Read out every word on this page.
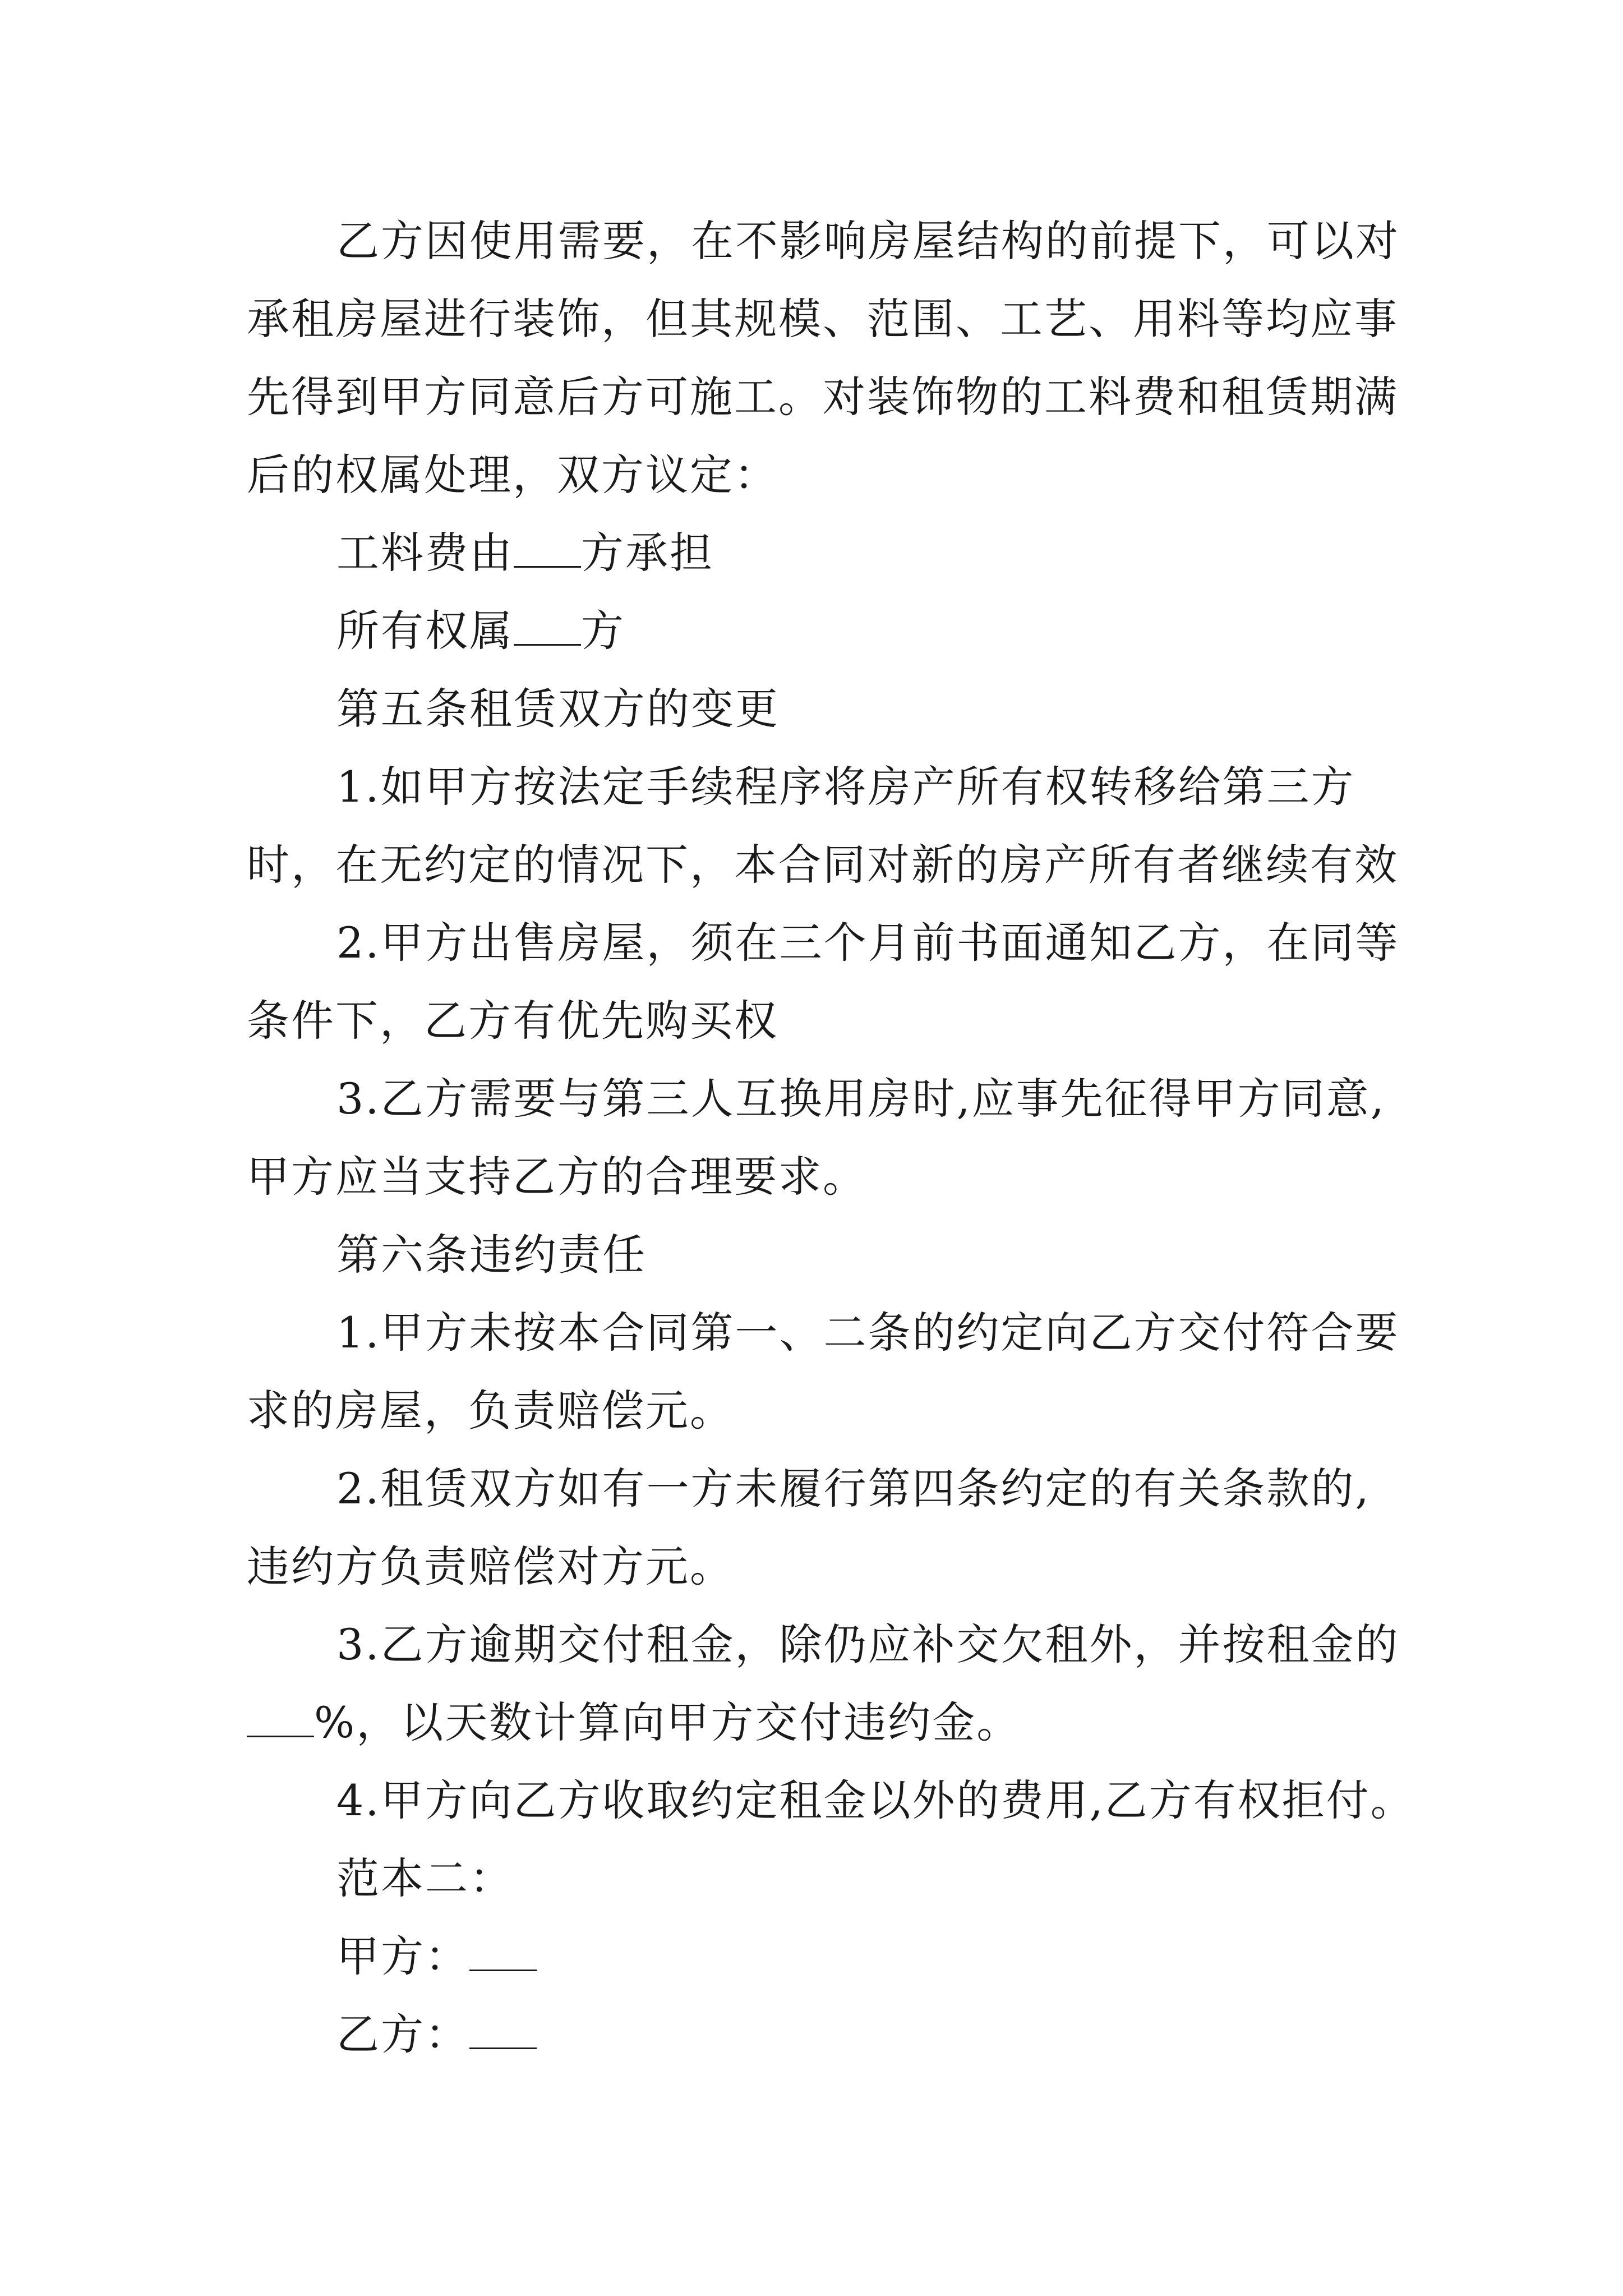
乙方因使用需要，在不影响房屋结构的前提下，可以对
承租房屋进行装饰，但其规模、范围、工艺、用料等均应事
先得到甲方同意后方可施工。对装饰物的工料费和租赁期满
后的权属处理，双方议定：
工料费由 方承担
所有权属 方
第五条租赁双方的变更
1.如甲方按法定手续程序将房产所有权转移给第三方
时，在无约定的情况下，本合同对新的房产所有者继续有效
2.甲方出售房屋，须在三个月前书面通知乙方，在同等
条件下，乙方有优先购买权
3.乙方需要与第三人互换用房时,应事先征得甲方同意,
甲方应当支持乙方的合理要求。
第六条违约责任
1.甲方未按本合同第一、二条的约定向乙方交付符合要
求的房屋，负责赔偿元。
2.租赁双方如有一方未履行第四条约定的有关条款的,
违约方负责赔偿对方元。
3.乙方逾期交付租金，除仍应补交欠租外，并按租金的
%，以天数计算向甲方交付违约金。
4.甲方向乙方收取约定租金以外的费用,乙方有权拒付。
范本二：
甲方：
乙方：
